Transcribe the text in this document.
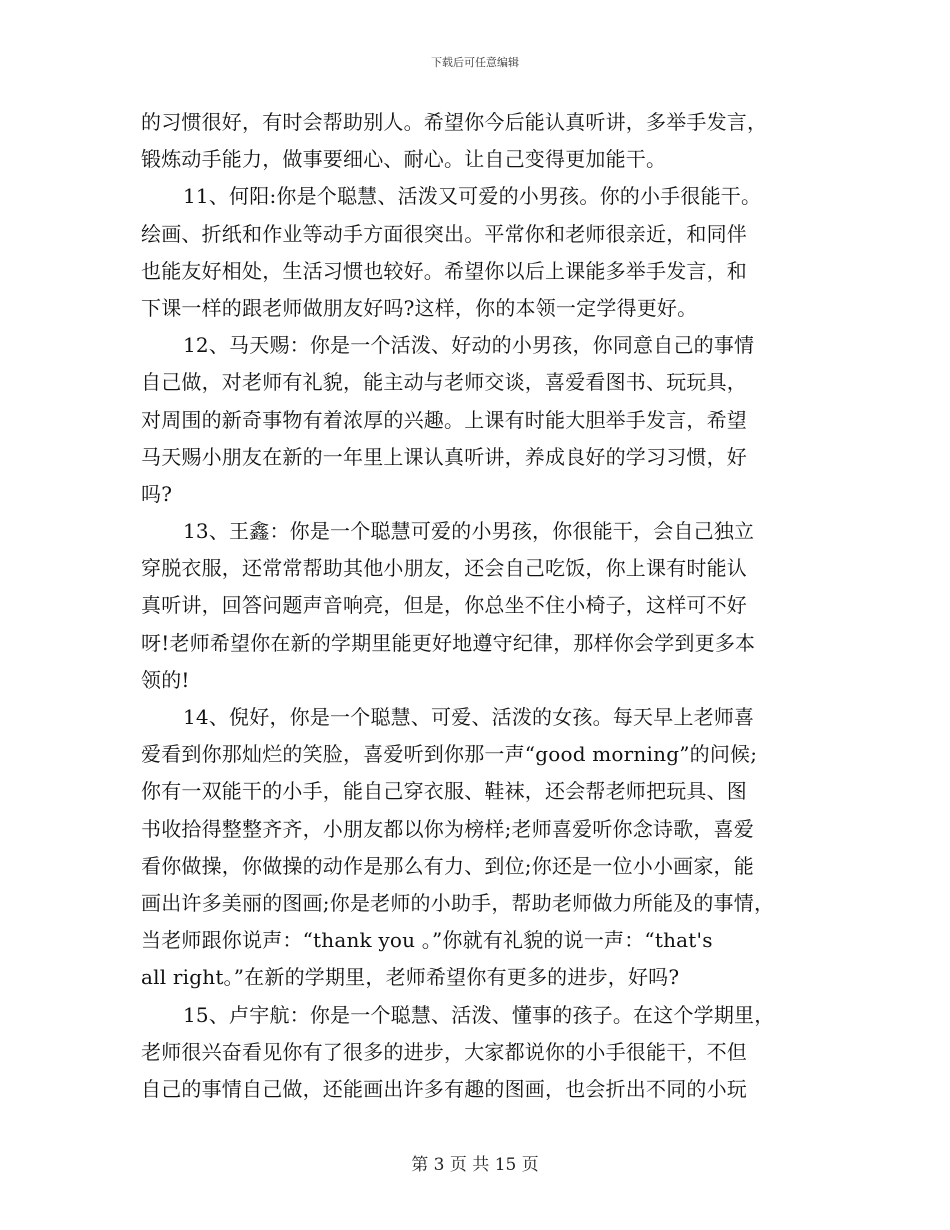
下载后可任意编辑
的习惯很好，有时会帮助别人。希望你今后能认真听讲，多举手发言，
锻炼动手能力，做事要细心、耐心。让自己变得更加能干。
11、何阳:你是个聪慧、活泼又可爱的小男孩。你的小手很能干。
绘画、折纸和作业等动手方面很突出。平常你和老师很亲近，和同伴
也能友好相处，生活习惯也较好。希望你以后上课能多举手发言，和
下课一样的跟老师做朋友好吗?这样，你的本领一定学得更好。
12、马天赐：你是一个活泼、好动的小男孩，你同意自己的事情
自己做，对老师有礼貌，能主动与老师交谈，喜爱看图书、玩玩具，
对周围的新奇事物有着浓厚的兴趣。上课有时能大胆举手发言，希望
马天赐小朋友在新的一年里上课认真听讲，养成良好的学习习惯，好
吗?
13、王鑫：你是一个聪慧可爱的小男孩，你很能干，会自己独立
穿脱衣服，还常常帮助其他小朋友，还会自己吃饭，你上课有时能认
真听讲，回答问题声音响亮，但是，你总坐不住小椅子，这样可不好
呀!老师希望你在新的学期里能更好地遵守纪律，那样你会学到更多本
领的!
14、倪好，你是一个聪慧、可爱、活泼的女孩。每天早上老师喜
爱看到你那灿烂的笑脸，喜爱听到你那一声“good morning”的问候;
你有一双能干的小手，能自己穿衣服、鞋袜，还会帮老师把玩具、图
书收拾得整整齐齐，小朋友都以你为榜样;老师喜爱听你念诗歌，喜爱
看你做操，你做操的动作是那么有力、到位;你还是一位小小画家，能
画出许多美丽的图画;你是老师的小助手，帮助老师做力所能及的事情，
当老师跟你说声：“thank you 。”你就有礼貌的说一声：“that's
all right。”在新的学期里，老师希望你有更多的进步，好吗?
15、卢宇航：你是一个聪慧、活泼、懂事的孩子。在这个学期里，
老师很兴奋看见你有了很多的进步，大家都说你的小手很能干，不但
自己的事情自己做，还能画出许多有趣的图画，也会折出不同的小玩
第 3 页 共 15 页
